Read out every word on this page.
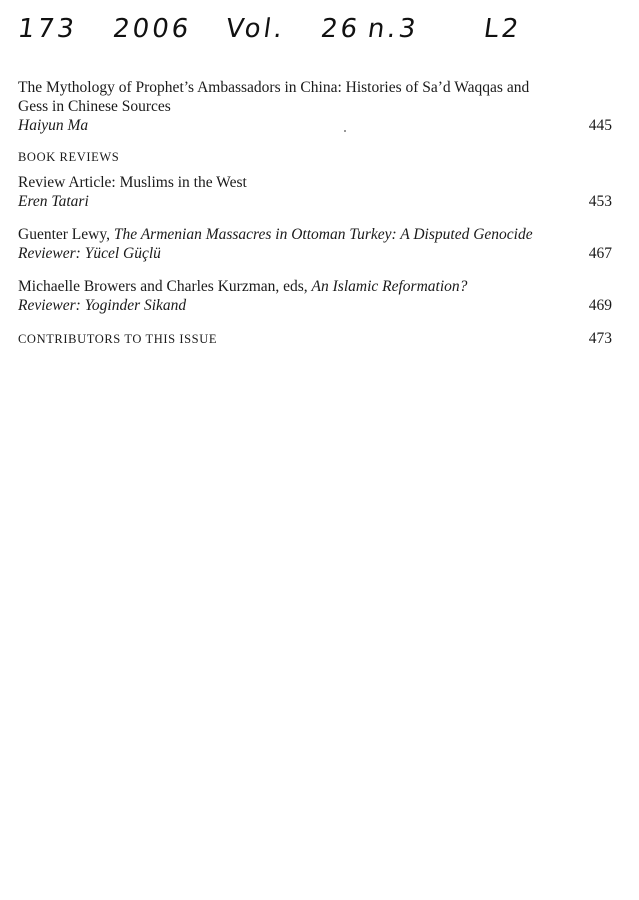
173 2006 Vol. 26 n.3 L2
The Mythology of Prophet’s Ambassadors in China: Histories of Sa’d Waqqas and Gess in Chinese Sources
Haiyun Ma	445
BOOK REVIEWS
Review Article: Muslims in the West
Eren Tatari	453
Guenter Lewy, The Armenian Massacres in Ottoman Turkey: A Disputed Genocide
Reviewer: Yücel Güçlü	467
Michaelle Browers and Charles Kurzman, eds, An Islamic Reformation?
Reviewer: Yoginder Sikand	469
CONTRIBUTORS TO THIS ISSUE	473
